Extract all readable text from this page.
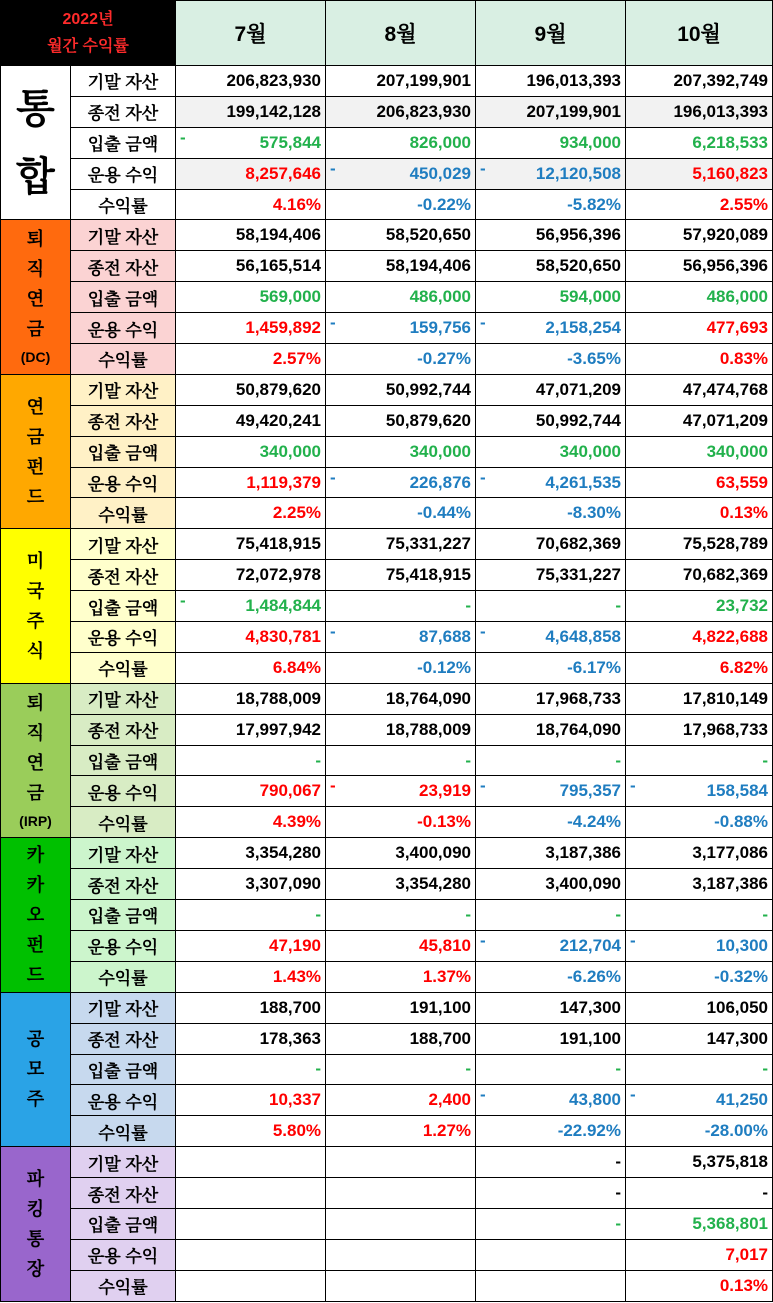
2022년
월간 수익률		7월	8월	9월	10월

통
합	기말 자산	206,823,930	207,199,901	196,013,393	207,392,749
	종전 자산	199,142,128	206,823,930	207,199,901	196,013,393
	입출 금액	- 575,844	826,000	934,000	6,218,533
	운용 수익	8,257,646	- 450,029	- 12,120,508	5,160,823
	수익률	4.16%	-0.22%	-5.82%	2.55%

퇴
직
연
금
(DC)	기말 자산	58,194,406	58,520,650	56,956,396	57,920,089
	종전 자산	56,165,514	58,194,406	58,520,650	56,956,396
	입출 금액	569,000	486,000	594,000	486,000
	운용 수익	1,459,892	- 159,756	- 2,158,254	477,693
	수익률	2.57%	-0.27%	-3.65%	0.83%

연
금
펀
드	기말 자산	50,879,620	50,992,744	47,071,209	47,474,768
	종전 자산	49,420,241	50,879,620	50,992,744	47,071,209
	입출 금액	340,000	340,000	340,000	340,000
	운용 수익	1,119,379	- 226,876	- 4,261,535	63,559
	수익률	2.25%	-0.44%	-8.30%	0.13%

미
국
주
식	기말 자산	75,418,915	75,331,227	70,682,369	75,528,789
	종전 자산	72,072,978	75,418,915	75,331,227	70,682,369
	입출 금액	- 1,484,844	-	-	23,732
	운용 수익	4,830,781	- 87,688	- 4,648,858	4,822,688
	수익률	6.84%	-0.12%	-6.17%	6.82%

퇴
직
연
금
(IRP)	기말 자산	18,788,009	18,764,090	17,968,733	17,810,149
	종전 자산	17,997,942	18,788,009	18,764,090	17,968,733
	입출 금액	-	-	-	-
	운용 수익	790,067	- 23,919	- 795,357	- 158,584
	수익률	4.39%	-0.13%	-4.24%	-0.88%

카
카
오
펀
드	기말 자산	3,354,280	3,400,090	3,187,386	3,177,086
	종전 자산	3,307,090	3,354,280	3,400,090	3,187,386
	입출 금액	-	-	-	-
	운용 수익	47,190	45,810	- 212,704	- 10,300
	수익률	1.43%	1.37%	-6.26%	-0.32%

공
모
주	기말 자산	188,700	191,100	147,300	106,050
	종전 자산	178,363	188,700	191,100	147,300
	입출 금액	-	-	-	-
	운용 수익	10,337	2,400	- 43,800	- 41,250
	수익률	5.80%	1.27%	-22.92%	-28.00%

파
킹
통
장	기말 자산			-	5,375,818
	종전 자산			-	-
	입출 금액			-	5,368,801
	운용 수익				7,017
	수익률				0.13%
